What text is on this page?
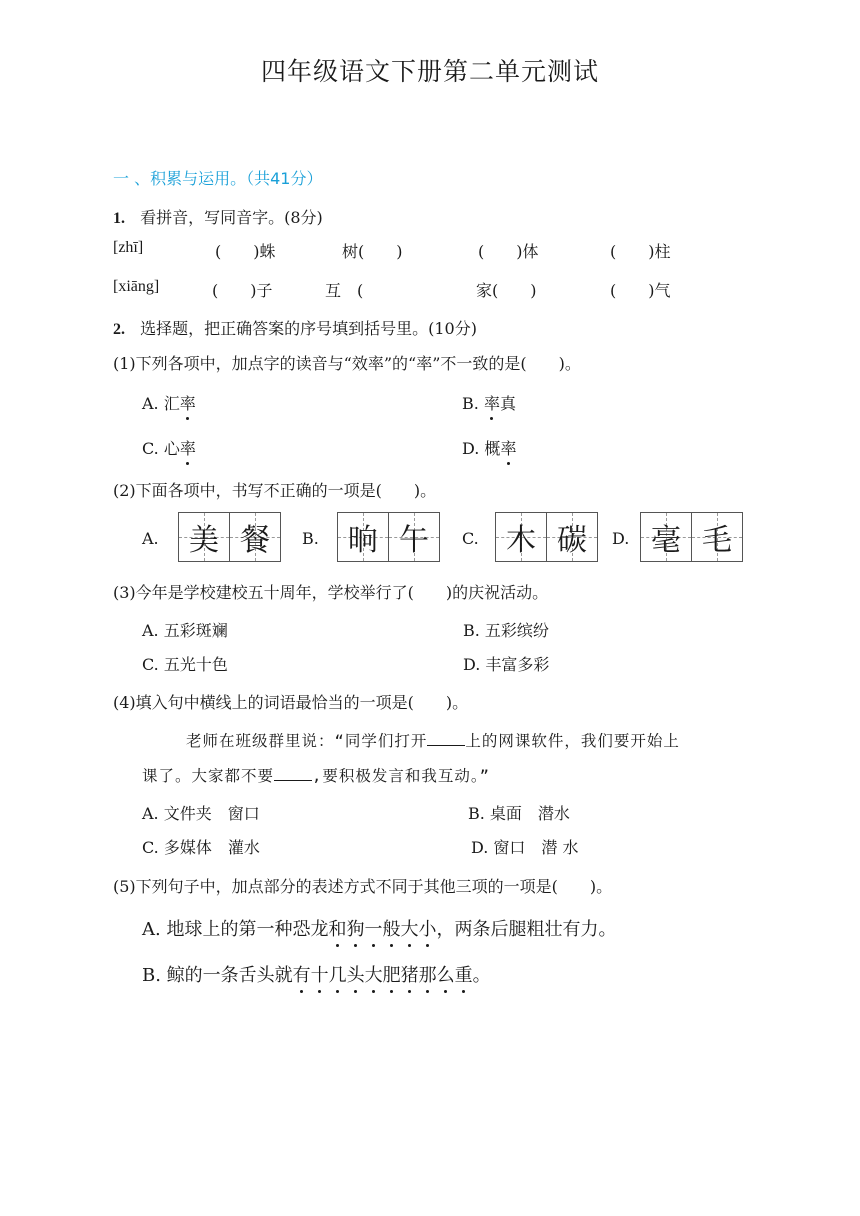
四年级语文下册第二单元测试
一 、积累与运用。（共41分）
1. 看拼音，写同音字。(8分)
[zhī]	(　　)蛛	树(　　)	(　　)体	(　　)柱
[xiāng]	(　　)子	互　(	家(　　)	(　　)气
2. 选择题，把正确答案的序号填到括号里。(10分)
(1)下列各项中，加点字的读音与“效率”的“率”不一致的是(　　)。
A. 汇率	B. 率真
C. 心率	D. 概率
(2)下面各项中，书写不正确的一项是(　　)。
A. 美 餐 B. 晌 午 C. 木 碳 D. 毫 毛
(3)今年是学校建校五十周年，学校举行了(　　)的庆祝活动。
A. 五彩斑斓	B. 五彩缤纷
C. 五光十色	D. 丰富多彩
(4)填入句中横线上的词语最恰当的一项是(　　)。
老师在班级群里说：“同学们打开 上的网课软件，我们要开始上
课了。大家都不要 ,要积极发言和我互动。”
A. 文件夹　窗口	B. 桌面　潜水
C. 多媒体　灌水	D. 窗口　潜 水
(5)下列句子中，加点部分的表述方式不同于其他三项的一项是(　　)。
A. 地球上的第一种恐龙和狗一般大小，两条后腿粗壮有力。
B. 鲸的一条舌头就有十几头大肥猪那么重。
